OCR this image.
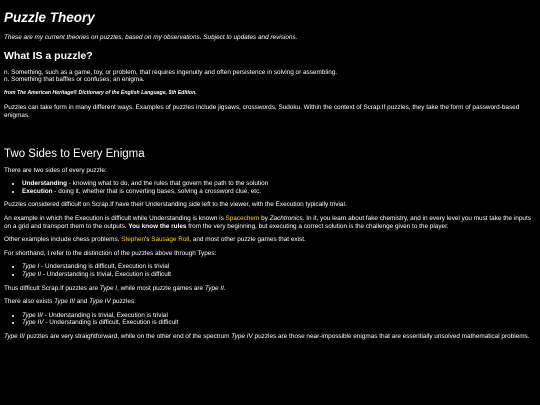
Puzzle Theory

These are my current theories on puzzles, based on my observations. Subject to updates and revisions.

What IS a puzzle?

n. Something, such as a game, toy, or problem, that requires ingenuity and often persistence in solving or assembling.
n. Something that baffles or confuses; an enigma.

from The American Heritage® Dictionary of the English Language, 5th Edition.

Puzzles can take form in many different ways. Examples of puzzles include jigsaws, crosswords, Sudoku. Within the context of Scrap.If puzzles, they take the form of password-based enigmas.

Two Sides to Every Enigma

There are two sides of every puzzle:

• Understanding - knowing what to do, and the rules that govern the path to the solution
• Execution - doing it, whether that is converting bases, solving a crossword clue, etc.

Puzzles considered difficult on Scrap.If have their Understanding side left to the viewer, with the Execution typically trivial.

An example in which the Execution is difficult while Understanding is known is Spacechem by Zachtronics. In it, you learn about fake chemistry, and in every level you must take the inputs on a grid and transport them to the outputs. You know the rules from the very beginning, but executing a correct solution is the challenge given to the player.

Other examples include chess problems, Stephen's Sausage Roll, and most other puzzle games that exist.

For shorthand, I refer to the distinction of the puzzles above through Types:

• Type I - Understanding is difficult, Execution is trivial
• Type II - Understanding is trivial, Execution is difficult

Thus difficult Scrap.If puzzles are Type I, while most puzzle games are Type II.

There also exists Type III and Type IV puzzles:

• Type III - Understanding is trivial, Execution is trivial
• Type IV - Understanding is difficult, Execution is difficult

Type III puzzles are very straightforward, while on the other end of the spectrum Type IV puzzles are those near-impossible enigmas that are essentially unsolved mathematical problems.
